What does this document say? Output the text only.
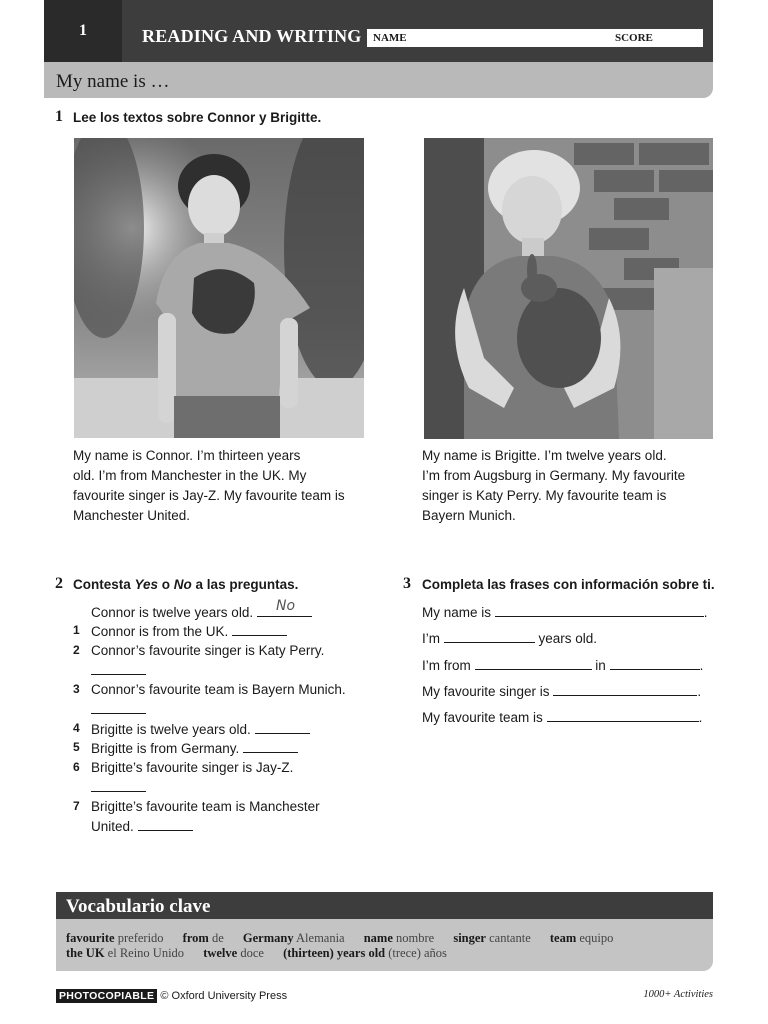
1	READING AND WRITING NAME	SCORE
My name is …
1 Lee los textos sobre Connor y Brigitte.
My name is Connor. I’m thirteen years
old. I’m from Manchester in the UK. My
favourite singer is Jay-Z. My favourite team is
Manchester United.
My name is Brigitte. I’m twelve years old.
I’m from Augsburg in Germany. My favourite
singer is Katy Perry. My favourite team is
Bayern Munich.
2 Contesta Yes o No a las preguntas.
Connor is twelve years old.	No
1 Connor is from the UK.
2 Connor’s favourite singer is Katy Perry.
3 Connor’s favourite team is Bayern Munich.
4 Brigitte is twelve years old.
5 Brigitte is from Germany.
6 Brigitte’s favourite singer is Jay-Z.
7 Brigitte’s favourite team is Manchester
United.
3 Completa las frases con información sobre ti.
My name is	.
I’m	years old.
I’m from	in	.
My favourite singer is	.
My favourite team is	.
Vocabulario clave
favourite preferido from de Germany Alemania name nombre singer cantante team equipo
the UK el Reino Unido twelve doce (thirteen) years old (trece) años
PHOTOCOPIABLE © Oxford University Press	1000+ Activities
